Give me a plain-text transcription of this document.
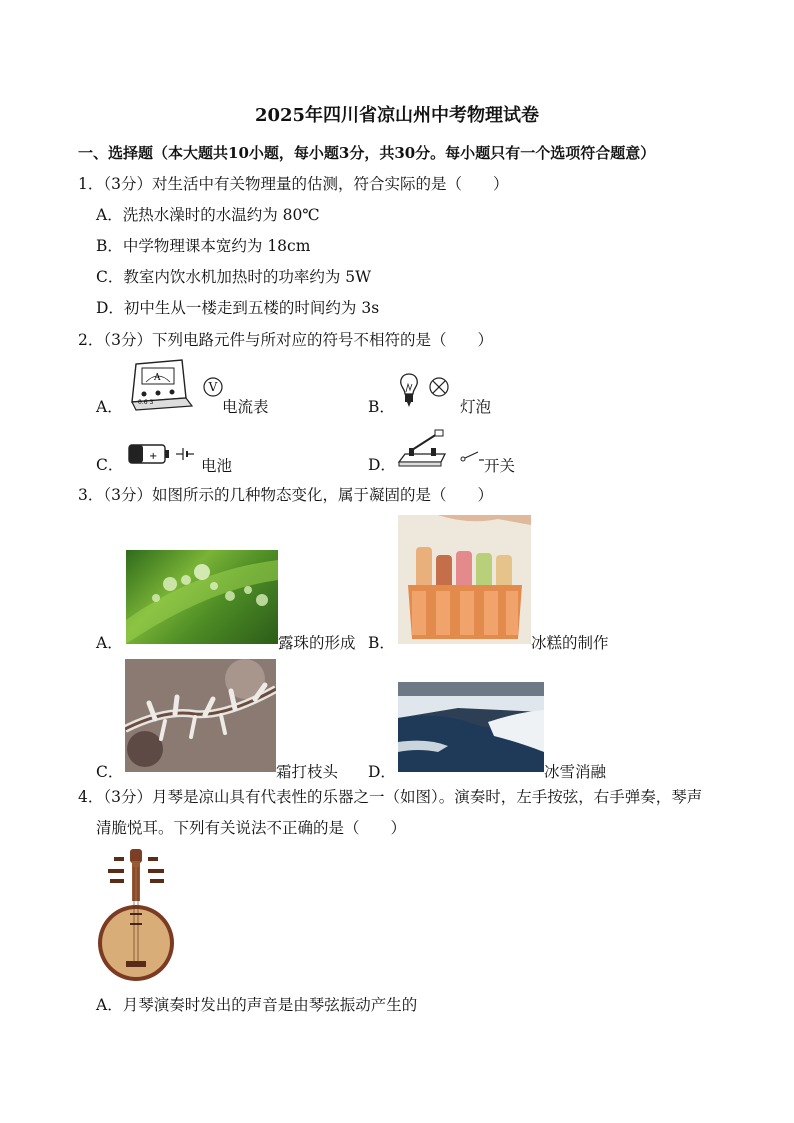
2025年四川省凉山州中考物理试卷
一、选择题（本大题共10小题，每小题3分，共30分。每小题只有一个选项符合题意）
1．（3分）对生活中有关物理量的估测，符合实际的是（　　）
A．洗热水澡时的水温约为 80℃
B．中学物理课本宽约为 18cm
C．教室内饮水机加热时的功率约为 5W
D．初中生从一楼走到五楼的时间约为 3s
2．（3分）下列电路元件与所对应的符号不相符的是（　　）
A．
A
0.6 3
V
电流表	B．	灯泡
C．	+
电池	D．	开关
3．（3分）如图所示的几种物态变化，属于凝固的是（　　）
A．	露珠的形成 B．	冰糕的制作
C．	霜打枝头 D．	冰雪消融
4．（3分）月琴是凉山具有代表性的乐器之一（如图）。演奏时，左手按弦，右手弹奏，琴声
清脆悦耳。下列有关说法不正确的是（　　）
A．月琴演奏时发出的声音是由琴弦振动产生的
